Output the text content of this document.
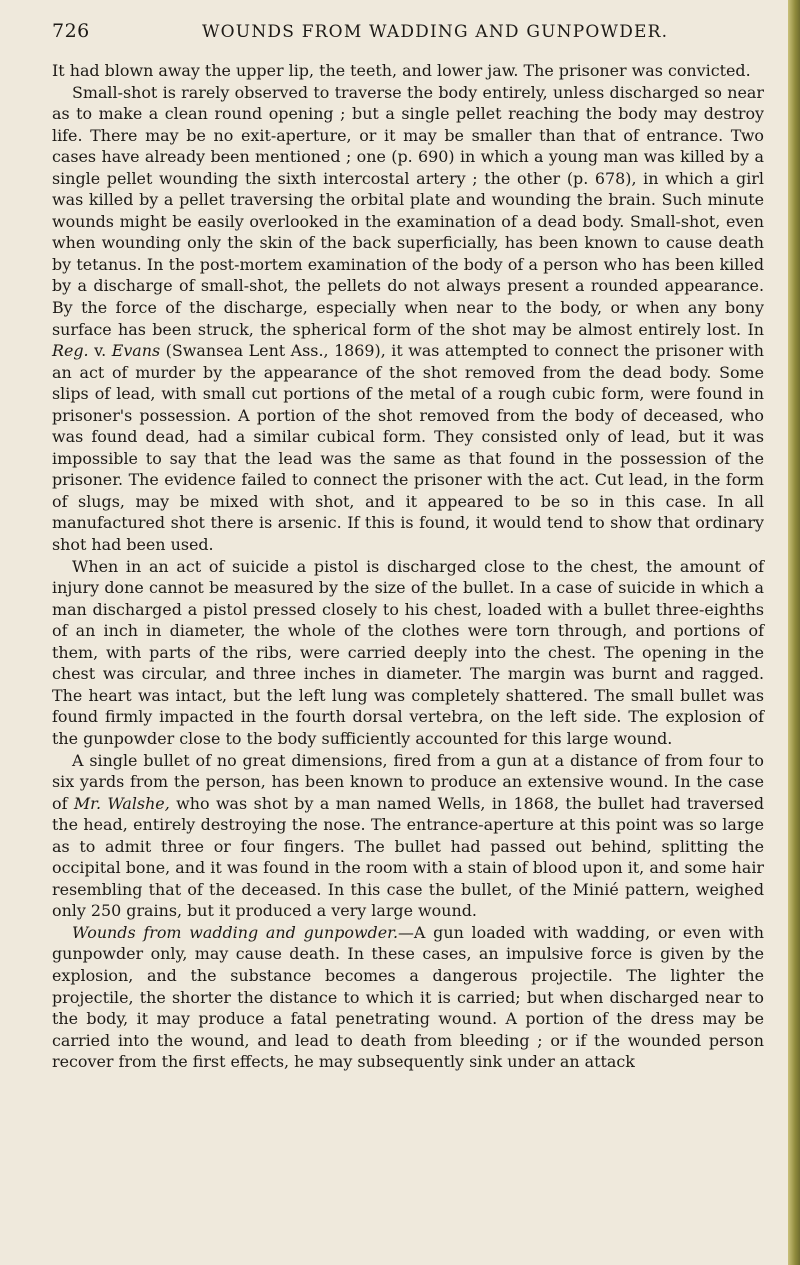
726	WOUNDS FROM WADDING AND GUNPOWDER.

It had blown away the upper lip, the teeth, and lower jaw. The prisoner was convicted.

Small-shot is rarely observed to traverse the body entirely, unless discharged so near as to make a clean round opening ; but a single pellet reaching the body may destroy life. There may be no exit-aperture, or it may be smaller than that of entrance. Two cases have already been mentioned ; one (p. 690) in which a young man was killed by a single pellet wounding the sixth intercostal artery ; the other (p. 678), in which a girl was killed by a pellet traversing the orbital plate and wounding the brain. Such minute wounds might be easily overlooked in the examination of a dead body. Small-shot, even when wounding only the skin of the back superficially, has been known to cause death by tetanus. In the post-mortem examination of the body of a person who has been killed by a discharge of small-shot, the pellets do not always present a rounded appearance. By the force of the discharge, especially when near to the body, or when any bony surface has been struck, the spherical form of the shot may be almost entirely lost. In Reg. v. Evans (Swansea Lent Ass., 1869), it was attempted to connect the prisoner with an act of murder by the appearance of the shot removed from the dead body. Some slips of lead, with small cut portions of the metal of a rough cubic form, were found in prisoner's possession. A portion of the shot removed from the body of deceased, who was found dead, had a similar cubical form. They consisted only of lead, but it was impossible to say that the lead was the same as that found in the possession of the prisoner. The evidence failed to connect the prisoner with the act. Cut lead, in the form of slugs, may be mixed with shot, and it appeared to be so in this case. In all manufactured shot there is arsenic. If this is found, it would tend to show that ordinary shot had been used.

When in an act of suicide a pistol is discharged close to the chest, the amount of injury done cannot be measured by the size of the bullet. In a case of suicide in which a man discharged a pistol pressed closely to his chest, loaded with a bullet three-eighths of an inch in diameter, the whole of the clothes were torn through, and portions of them, with parts of the ribs, were carried deeply into the chest. The opening in the chest was circular, and three inches in diameter. The margin was burnt and ragged. The heart was intact, but the left lung was completely shattered. The small bullet was found firmly impacted in the fourth dorsal vertebra, on the left side. The explosion of the gunpowder close to the body sufficiently accounted for this large wound.

A single bullet of no great dimensions, fired from a gun at a distance of from four to six yards from the person, has been known to produce an extensive wound. In the case of Mr. Walshe, who was shot by a man named Wells, in 1868, the bullet had traversed the head, entirely destroying the nose. The entrance-aperture at this point was so large as to admit three or four fingers. The bullet had passed out behind, splitting the occipital bone, and it was found in the room with a stain of blood upon it, and some hair resembling that of the deceased. In this case the bullet, of the Minié pattern, weighed only 250 grains, but it produced a very large wound.

Wounds from wadding and gunpowder.—A gun loaded with wadding, or even with gunpowder only, may cause death. In these cases, an impulsive force is given by the explosion, and the substance becomes a dangerous projectile. The lighter the projectile, the shorter the distance to which it is carried; but when discharged near to the body, it may produce a fatal penetrating wound. A portion of the dress may be carried into the wound, and lead to death from bleeding ; or if the wounded person recover from the first effects, he may subsequently sink under an attack
